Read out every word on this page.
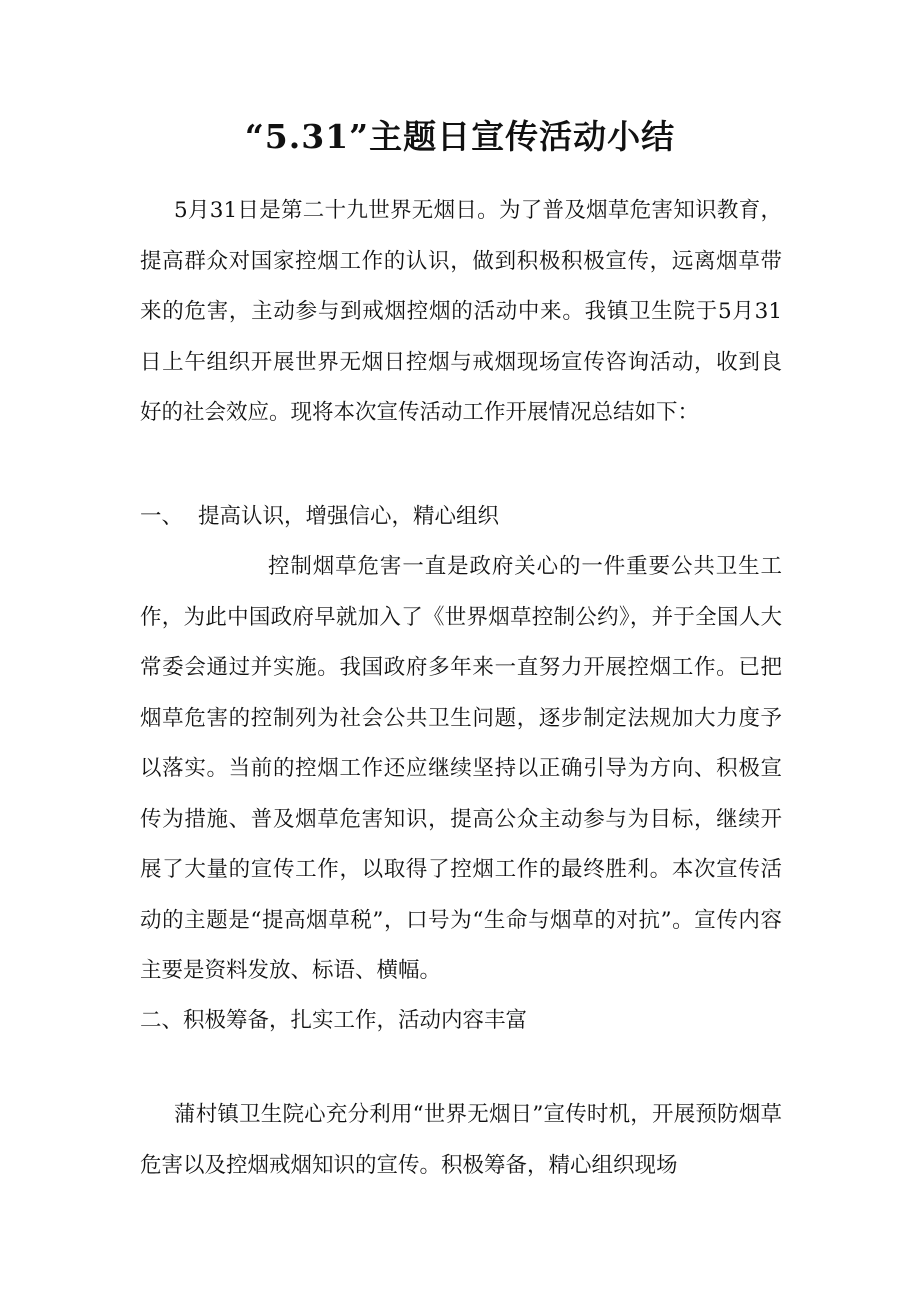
“5.31”主题日宣传活动小结
5月31日是第二十九世界无烟日。为了普及烟草危害知识教育，提高群众对国家控烟工作的认识，做到积极积极宣传，远离烟草带来的危害，主动参与到戒烟控烟的活动中来。我镇卫生院于5月31日上午组织开展世界无烟日控烟与戒烟现场宣传咨询活动，收到良好的社会效应。现将本次宣传活动工作开展情况总结如下：
一、 提高认识，增强信心，精心组织
控制烟草危害一直是政府关心的一件重要公共卫生工作，为此中国政府早就加入了《世界烟草控制公约》，并于全国人大常委会通过并实施。我国政府多年来一直努力开展控烟工作。已把烟草危害的控制列为社会公共卫生问题，逐步制定法规加大力度予以落实。当前的控烟工作还应继续坚持以正确引导为方向、积极宣传为措施、普及烟草危害知识，提高公众主动参与为目标，继续开展了大量的宣传工作，以取得了控烟工作的最终胜利。本次宣传活动的主题是“提高烟草税”，口号为“生命与烟草的对抗”。宣传内容主要是资料发放、标语、横幅。
二、积极筹备，扎实工作，活动内容丰富
蒲村镇卫生院心充分利用“世界无烟日”宣传时机，开展预防烟草危害以及控烟戒烟知识的宣传。积极筹备，精心组织现场
